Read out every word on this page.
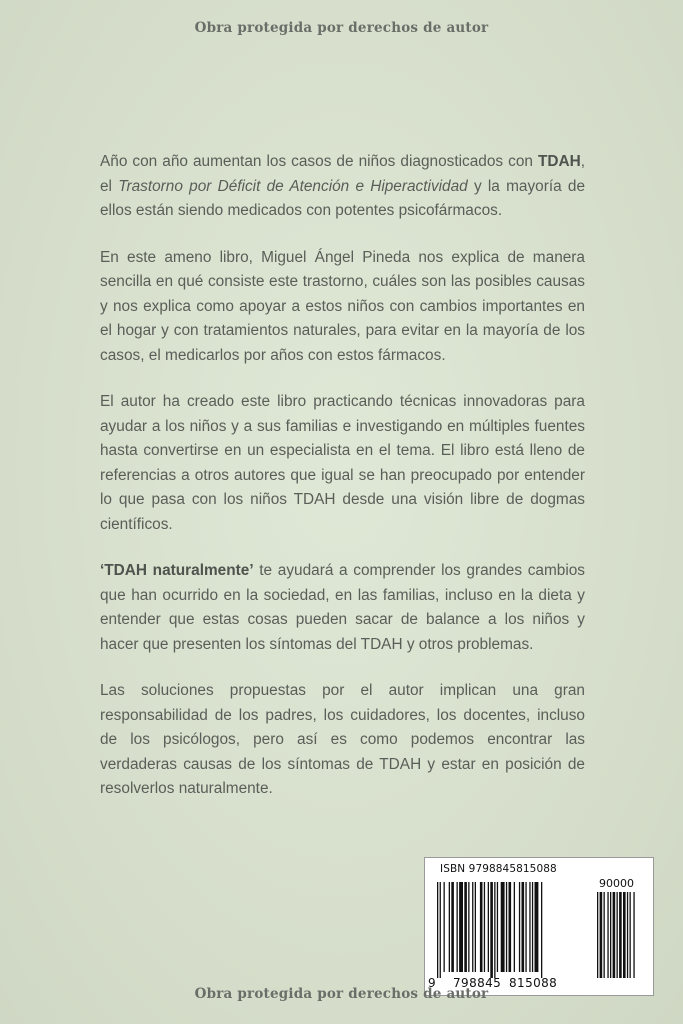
Obra protegida por derechos de autor

Año con año aumentan los casos de niños diagnosticados con TDAH, el Trastorno por Déficit de Atención e Hiperactividad y la mayoría de ellos están siendo medicados con potentes psicofármacos.

En este ameno libro, Miguel Ángel Pineda nos explica de manera sencilla en qué consiste este trastorno, cuáles son las posibles causas y nos explica como apoyar a estos niños con cambios importantes en el hogar y con tratamientos naturales, para evitar en la mayoría de los casos, el medicarlos por años con estos fármacos.

El autor ha creado este libro practicando técnicas innovadoras para ayudar a los niños y a sus familias e investigando en múltiples fuentes hasta convertirse en un especialista en el tema. El libro está lleno de referencias a otros autores que igual se han preocupado por entender lo que pasa con los niños TDAH desde una visión libre de dogmas científicos.

‘TDAH naturalmente’ te ayudará a comprender los grandes cambios que han ocurrido en la sociedad, en las familias, incluso en la dieta y entender que estas cosas pueden sacar de balance a los niños y hacer que presenten los síntomas del TDAH y otros problemas.

Las soluciones propuestas por el autor implican una gran responsabilidad de los padres, los cuidadores, los docentes, incluso de los psicólogos, pero así es como podemos encontrar las verdaderas causas de los síntomas de TDAH y estar en posición de resolverlos naturalmente.

ISBN 9798845815088
90000
9 798845 815088
Obra protegida por derechos de autor
